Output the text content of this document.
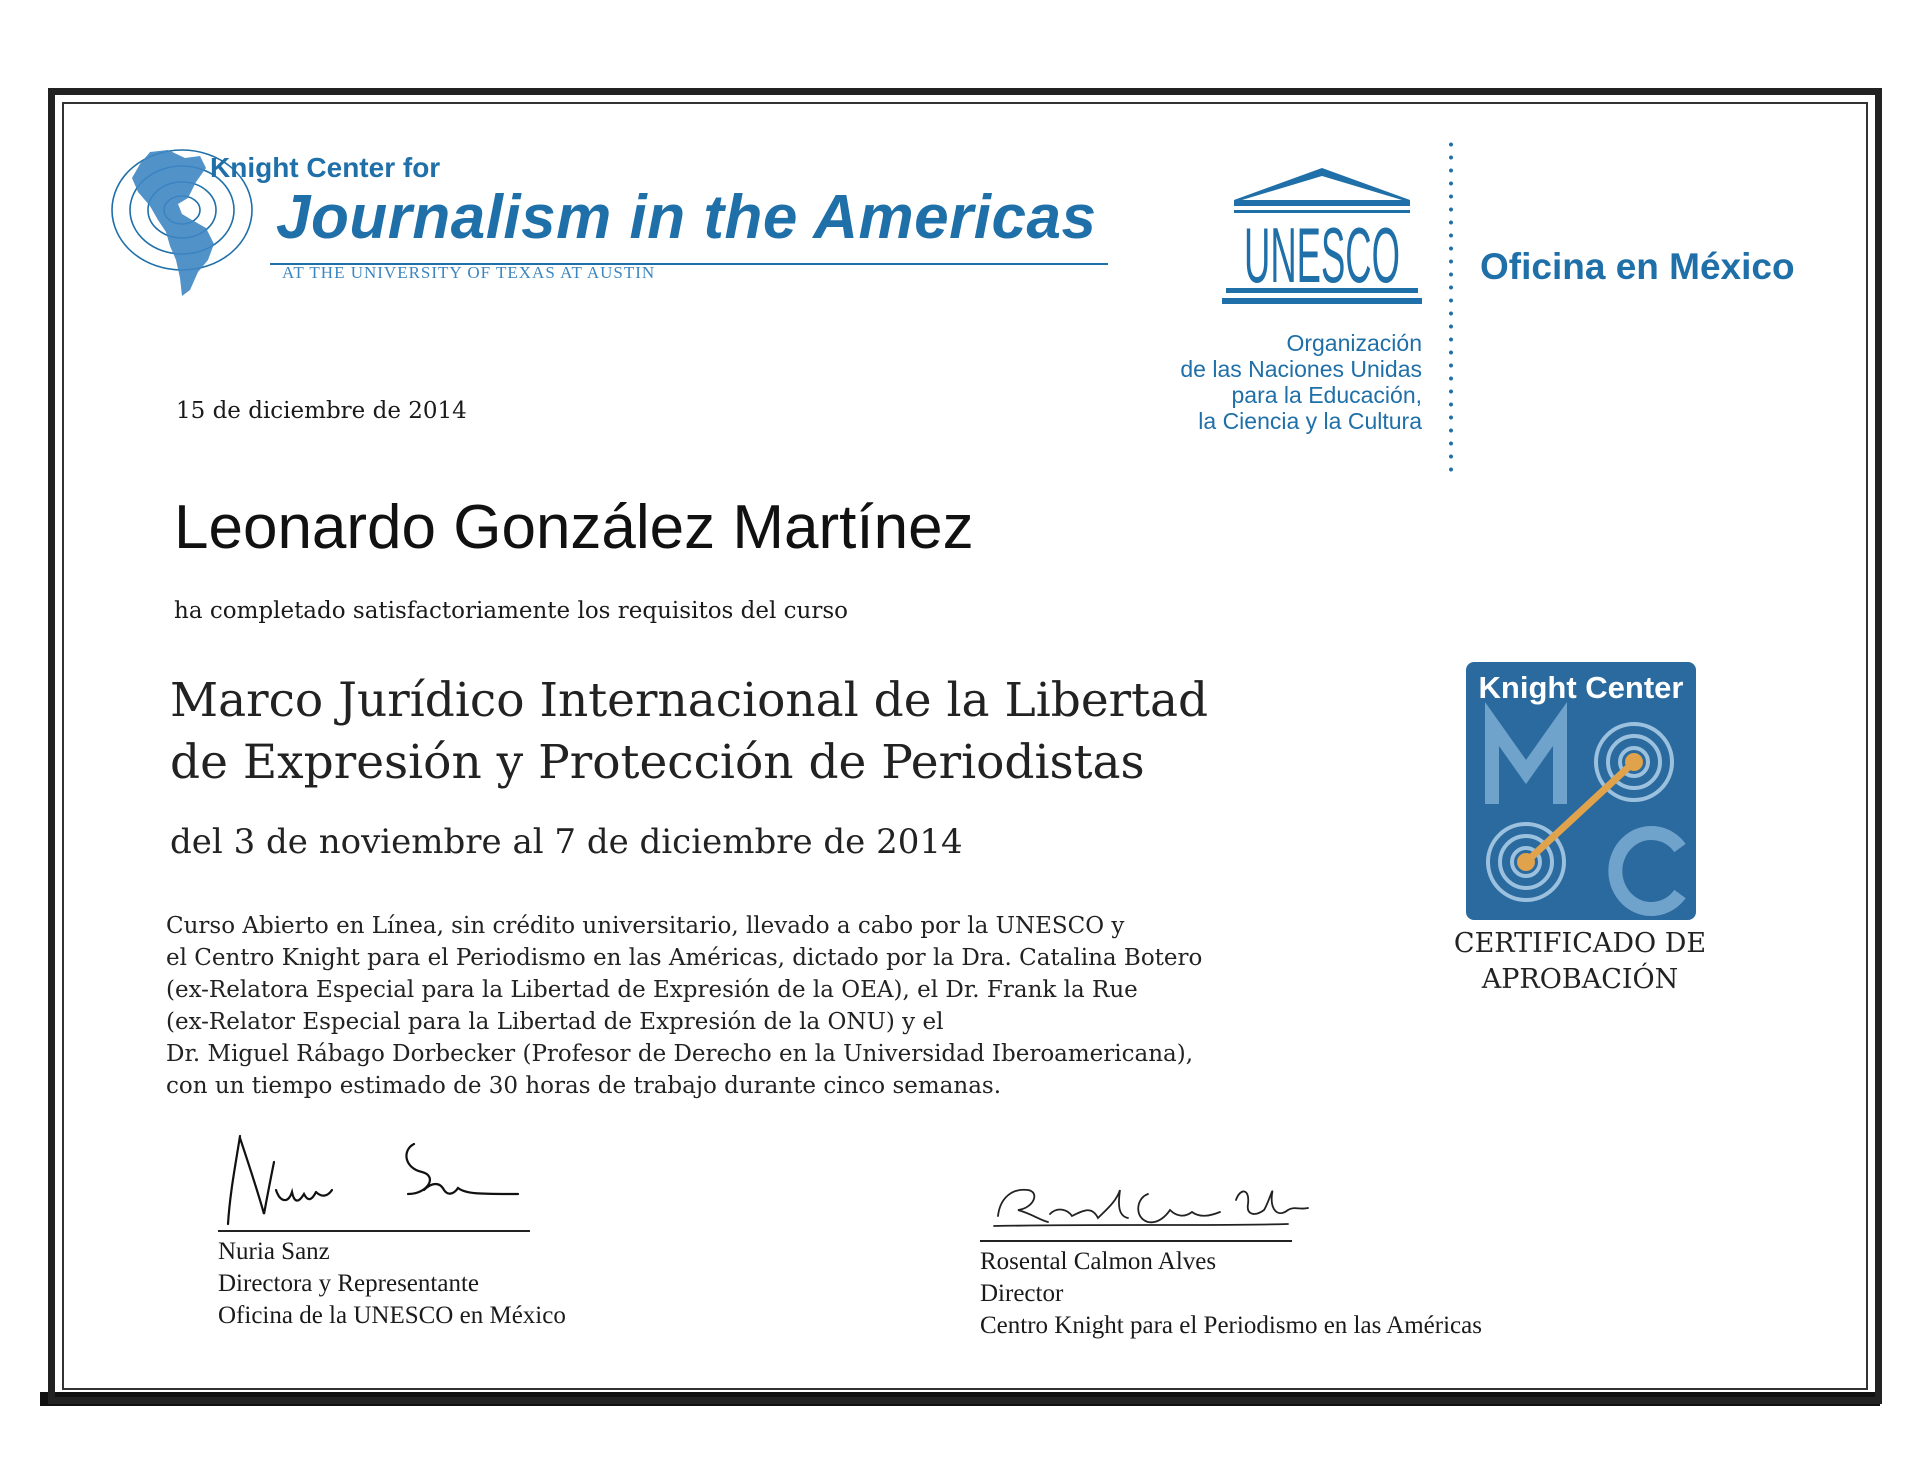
Knight Center for
Journalism in the Americas
AT THE UNIVERSITY OF TEXAS AT AUSTIN	UNESCO
Organización
de las Naciones Unidas
para la Educación,
la Ciencia y la Cultura
Oficina en México
15 de diciembre de 2014
Leonardo González Martínez
ha completado satisfactoriamente los requisitos del curso
Marco Jurídico Internacional de la Libertad
de Expresión y Protección de Periodistas
del 3 de noviembre al 7 de diciembre de 2014
Curso Abierto en Línea, sin crédito universitario, llevado a cabo por la UNESCO y
el Centro Knight para el Periodismo en las Américas, dictado por la Dra. Catalina Botero
(ex-Relatora Especial para la Libertad de Expresión de la OEA), el Dr. Frank la Rue
(ex-Relator Especial para la Libertad de Expresión de la ONU) y el
Dr. Miguel Rábago Dorbecker (Profesor de Derecho en la Universidad Iberoamericana),
con un tiempo estimado de 30 horas de trabajo durante cinco semanas.
Knight Center
CERTIFICADO DE
APROBACIÓN
Nuria Sanz
Directora y Representante
Oficina de la UNESCO en México
Rosental Calmon Alves
Director
Centro Knight para el Periodismo en las Américas
